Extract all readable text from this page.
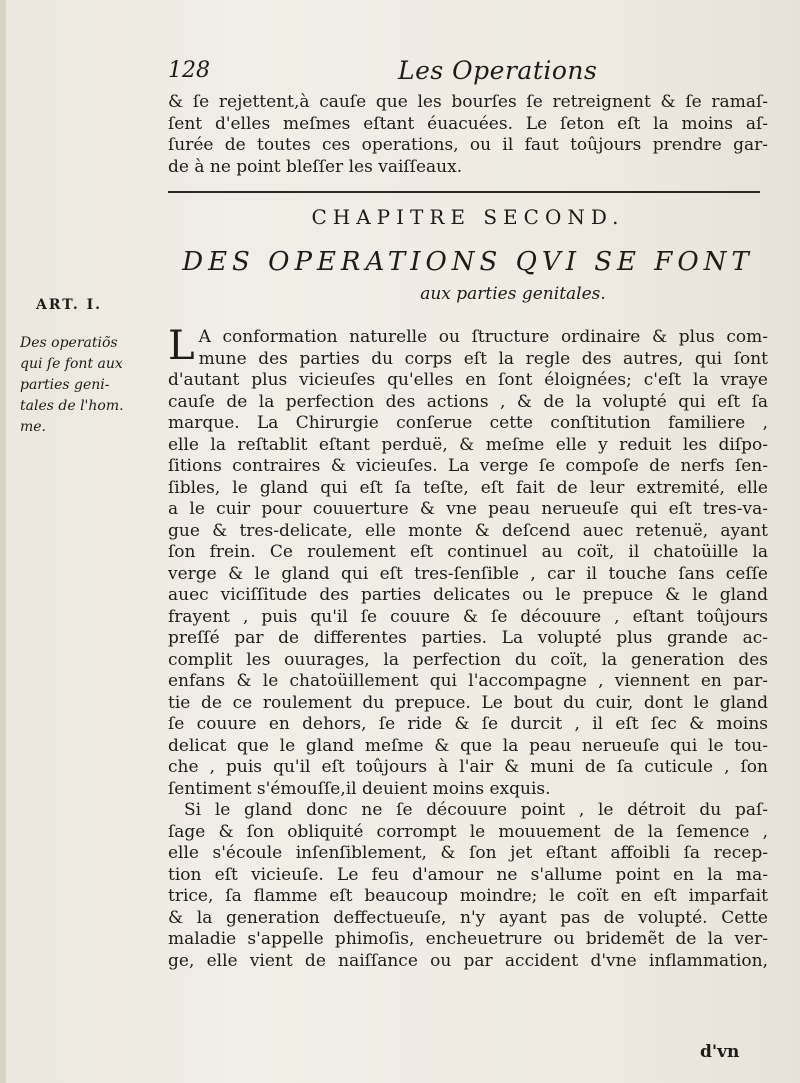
128	Les Operations

& ſe rejettent,à cauſe que les bourſes ſe retreignent & ſe ramaſ-

ſent d'elles meſmes eſtant éuacuées. Le ſeton eſt la moins aſ-

ſurée de toutes ces operations, ou il faut toûjours prendre gar-

de à ne point bleſſer les vaiſſeaux.

CHAPITRE SECOND.
DES OPERATIONS QVI SE FONT
aux parties genitales.
ART. I.
Des operatiõs
qui ſe font aux
parties geni-
tales de l'hom.
me.
L A conformation naturelle ou ſtructure ordinaire & plus com-

mune des parties du corps eſt la regle des autres, qui ſont

d'autant plus vicieuſes qu'elles en ſont éloignées; c'eſt la vraye

cauſe de la perfection des actions , & de la volupté qui eſt ſa

marque. La Chirurgie conſerue cette conſtitution familiere ,

elle la reſtablit eſtant perduë, & meſme elle y reduit les diſpo-

ſitions contraires & vicieuſes. La verge ſe compoſe de nerfs ſen-

ſibles, le gland qui eſt ſa teſte, eſt fait de leur extremité, elle

a le cuir pour couuerture & vne peau nerueuſe qui eſt tres-va-

gue & tres-delicate, elle monte & deſcend auec retenuë, ayant

ſon frein. Ce roulement eſt continuel au coït, il chatoüille la

verge & le gland qui eſt tres-ſenſible , car il touche ſans ceſſe

auec viciſſitude des parties delicates ou le prepuce & le gland

frayent , puis qu'il ſe couure & ſe découure , eſtant toûjours

preſſé par de differentes parties. La volupté plus grande ac-

complit les ouurages, la perfection du coït, la generation des

enfans & le chatoüillement qui l'accompagne , viennent en par-

tie de ce roulement du prepuce. Le bout du cuir, dont le gland

ſe couure en dehors, ſe ride & ſe durcit , il eſt ſec & moins

delicat que le gland meſme & que la peau nerueuſe qui le tou-

che , puis qu'il eſt toûjours à l'air & muni de ſa cuticule , ſon

ſentiment s'émouſſe,il deuient moins exquis.

Si le gland donc ne ſe découure point , le détroit du paſ-

ſage & ſon obliquité corrompt le mouuement de la ſemence ,

elle s'écoule inſenſiblement, & ſon jet eſtant affoibli ſa recep-

tion eſt vicieuſe. Le feu d'amour ne s'allume point en la ma-

trice, ſa flamme eſt beaucoup moindre; le coït en eſt imparfait

& la generation deffectueuſe, n'y ayant pas de volupté. Cette

maladie s'appelle phimoſis, encheuetrure ou bridemẽt de la ver-

ge, elle vient de naiſſance ou par accident d'vne inflammation,

d'vn
